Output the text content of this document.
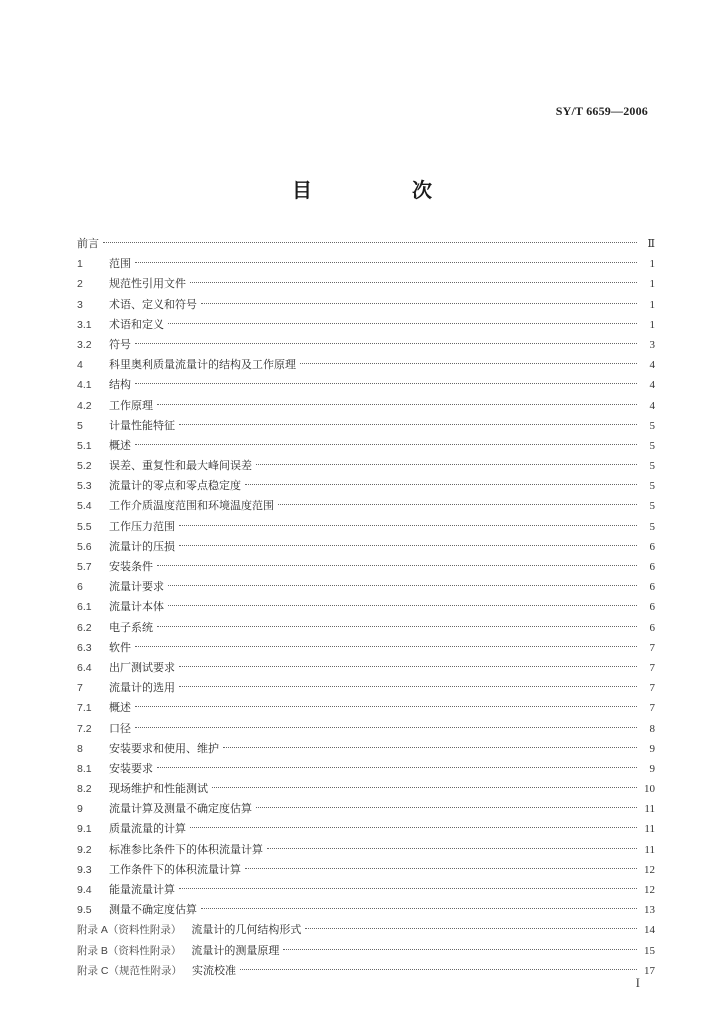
SY/T 6659—2006
目　次
前言	Ⅱ
1	范围	1
2	规范性引用文件	1
3	术语、定义和符号	1
3.1	术语和定义	1
3.2	符号	3
4	科里奥利质量流量计的结构及工作原理	4
4.1	结构	4
4.2	工作原理	4
5	计量性能特征	5
5.1	概述	5
5.2	误差、重复性和最大峰间误差	5
5.3	流量计的零点和零点稳定度	5
5.4	工作介质温度范围和环境温度范围	5
5.5	工作压力范围	5
5.6	流量计的压损	6
5.7	安装条件	6
6	流量计要求	6
6.1	流量计本体	6
6.2	电子系统	6
6.3	软件	7
6.4	出厂测试要求	7
7	流量计的选用	7
7.1	概述	7
7.2	口径	8
8	安装要求和使用、维护	9
8.1	安装要求	9
8.2	现场维护和性能测试	10
9	流量计算及测量不确定度估算	11
9.1	质量流量的计算	11
9.2	标准参比条件下的体积流量计算	11
9.3	工作条件下的体积流量计算	12
9.4	能量流量计算	12
9.5	测量不确定度估算	13
附录 A（资料性附录） 流量计的几何结构形式	14
附录 B（资料性附录） 流量计的测量原理	15
附录 C（规范性附录） 实流校准	17
I
